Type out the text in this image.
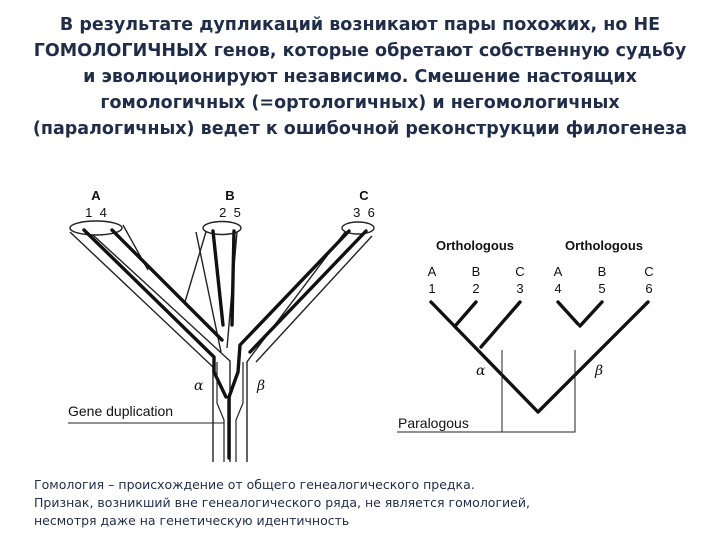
В результате дупликаций возникают пары похожих, но НЕ
ГОМОЛОГИЧНЫХ генов, которые обретают собственную судьбу
и эволюционируют независимо. Смешение настоящих
гомологичных (=ортологичных) и негомологичных
(паралогичных) ведет к ошибочной реконструкции филогенеза
A	B	C
1  4	2  5	3  6
α	β
Gene duplication
Orthologous	Orthologous
A	B	C A	B	C
1	2	3 4	5	6
α	β
Paralogous
Гомология – происхождение от общего генеалогического предка.
Признак, возникший вне генеалогического ряда, не является гомологией,
несмотря даже на генетическую идентичность
